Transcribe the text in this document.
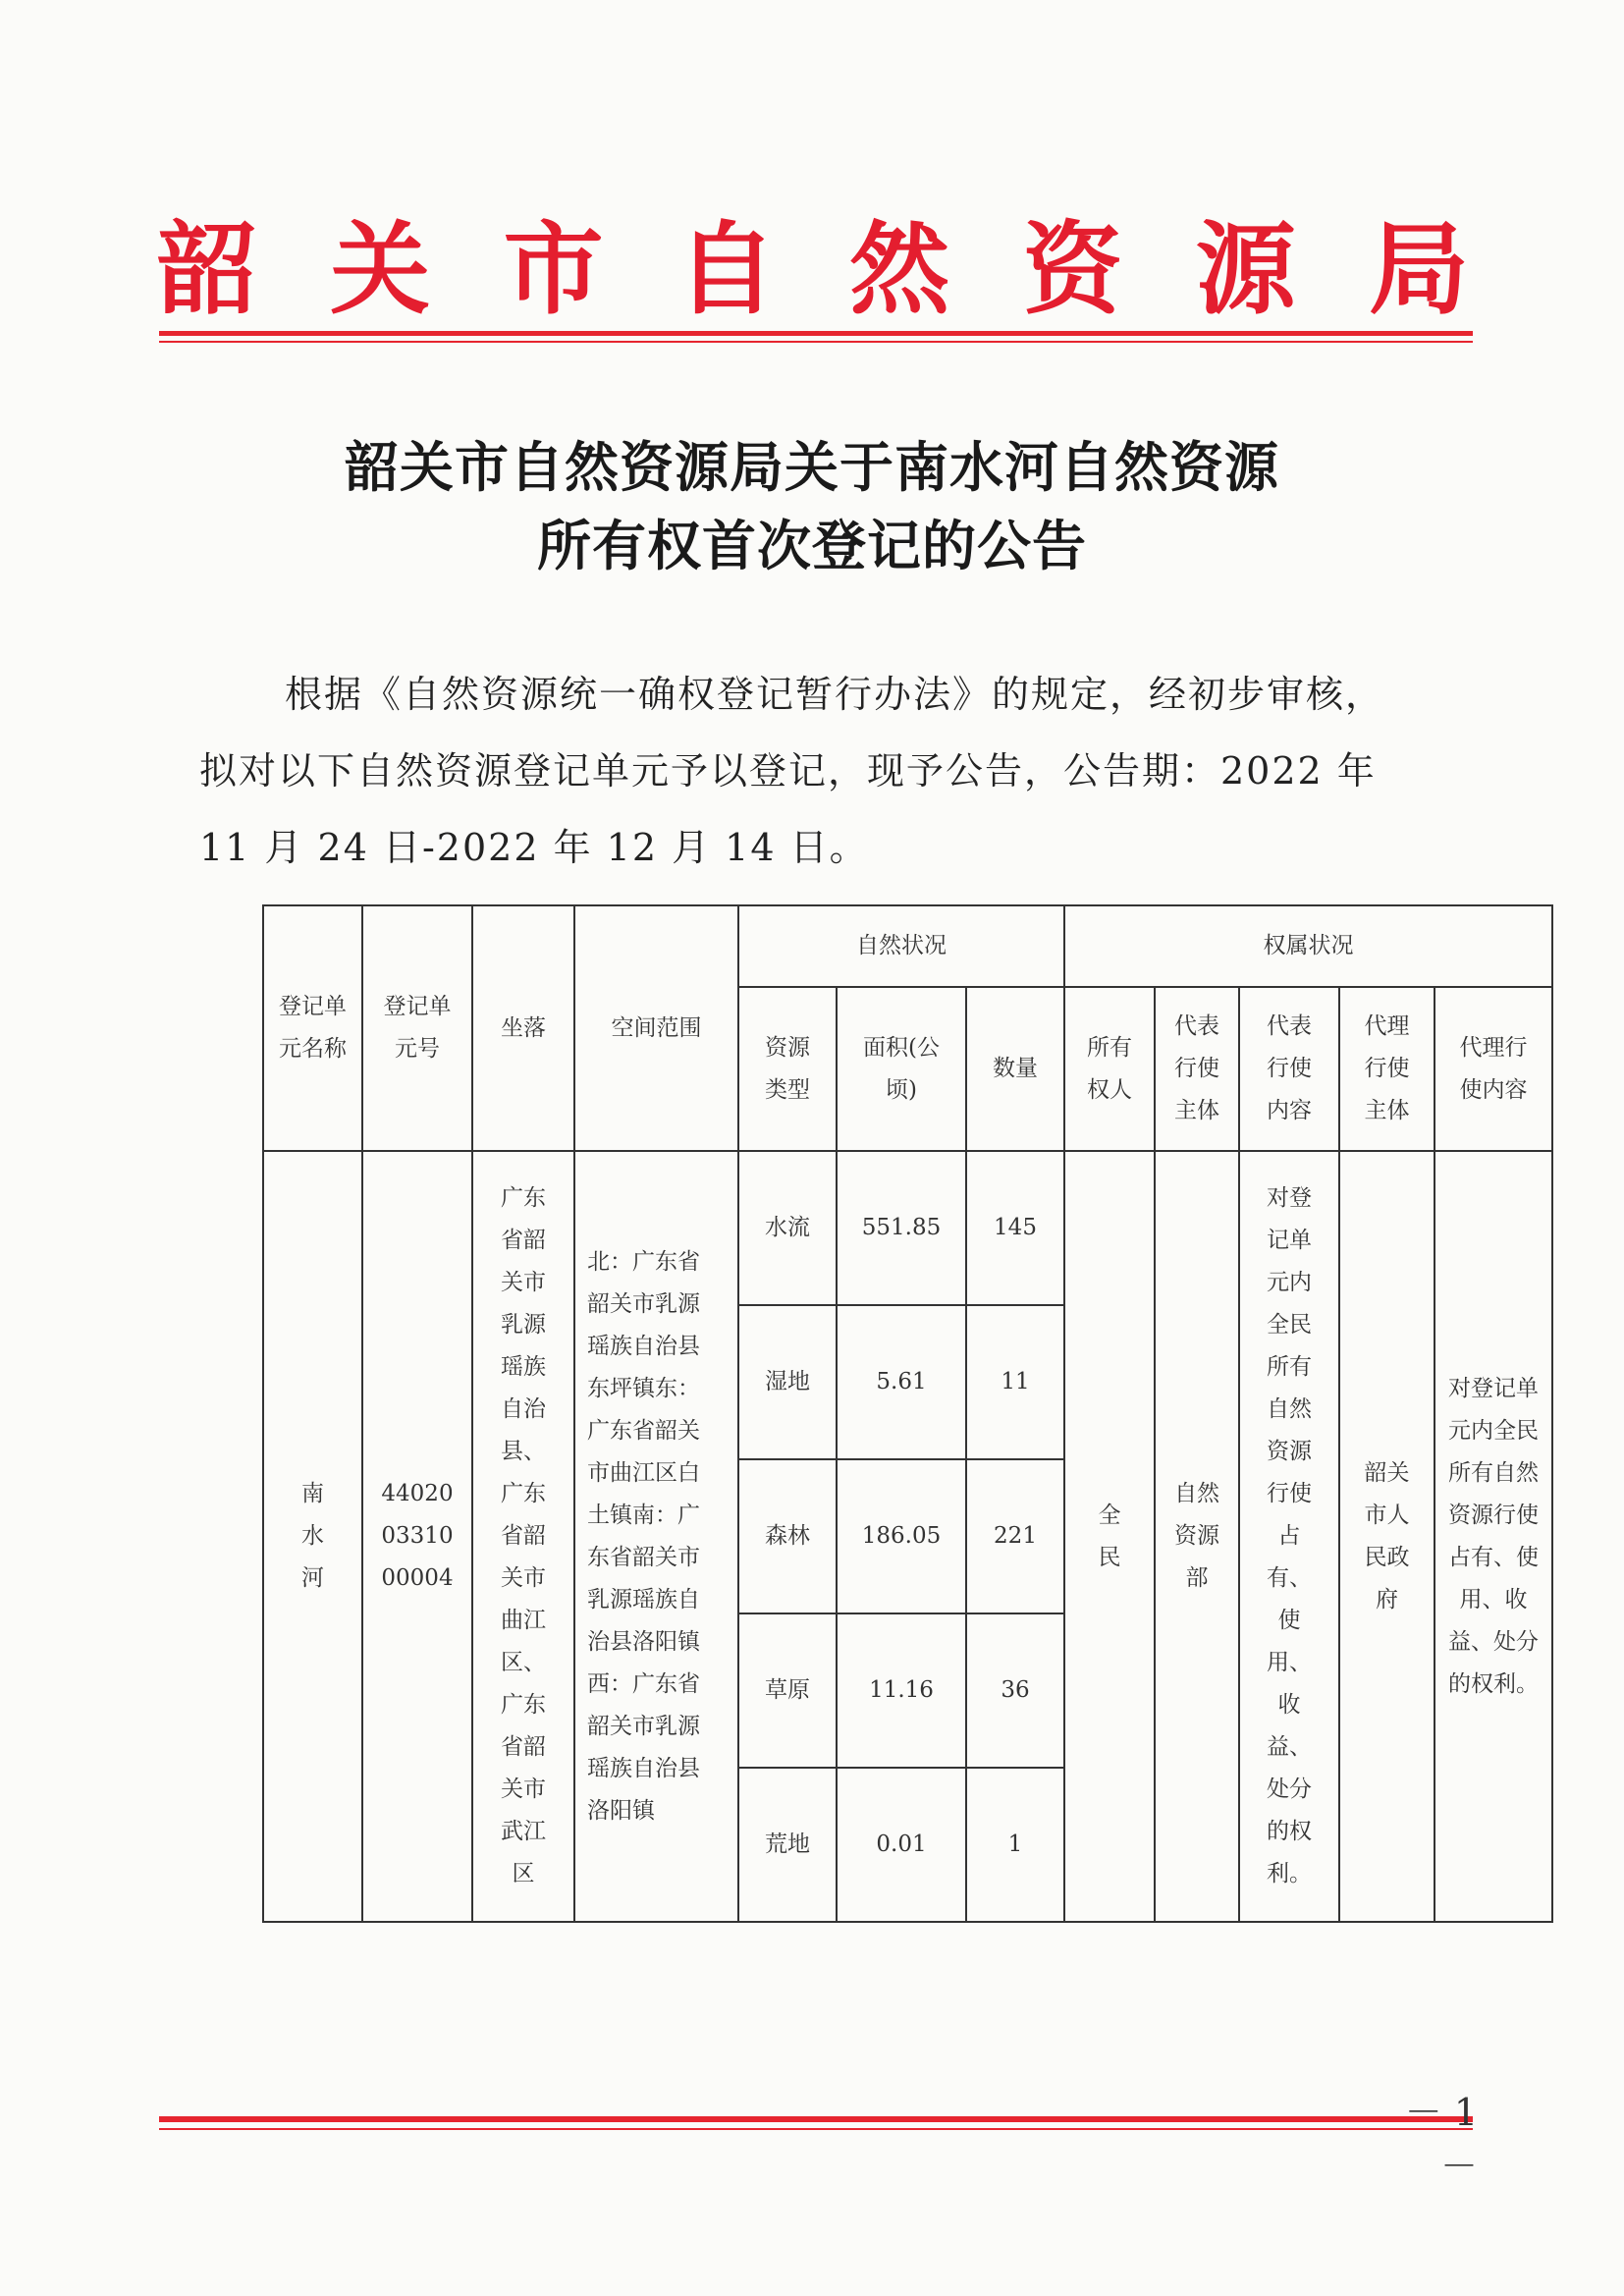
韶 关 市 自 然 资 源 局
韶关市自然资源局关于南水河自然资源
所有权首次登记的公告
根据《自然资源统一确权登记暂行办法》的规定，经初步审核，
拟对以下自然资源登记单元予以登记，现予公告，公告期：2022 年
11 月 24 日-2022 年 12 月 14 日。
登记单元名称	登记单元号	坐落	空间范围	自然状况			权属状况				

				资源类型	面积(公顷)	数量	所有权人	代表行使主体	代表行使内容	代理行使主体	代理行使内容

南水河	440200331000004	广东省韶关市乳源瑶族自治县、广东省韶关市曲江区、广东省韶关市武江区	北：广东省韶关市乳源瑶族自治县东坪镇东：广东省韶关市曲江区白土镇南：广东省韶关市乳源瑶族自治县洛阳镇西：广东省韶关市乳源瑶族自治县洛阳镇	水流	551.85	145	全民	自然资源部	对登记单元内全民所有自然资源行使占有、使用、收益、处分的权利。	韶关市人民政府	对登记单元内全民所有自然资源行使占有、使用、收益、处分的权利。

				湿地	5.61	11					
				森林	186.05	221					
				草原	11.16	36					
				荒地	0.01	1					
－ 1 －
